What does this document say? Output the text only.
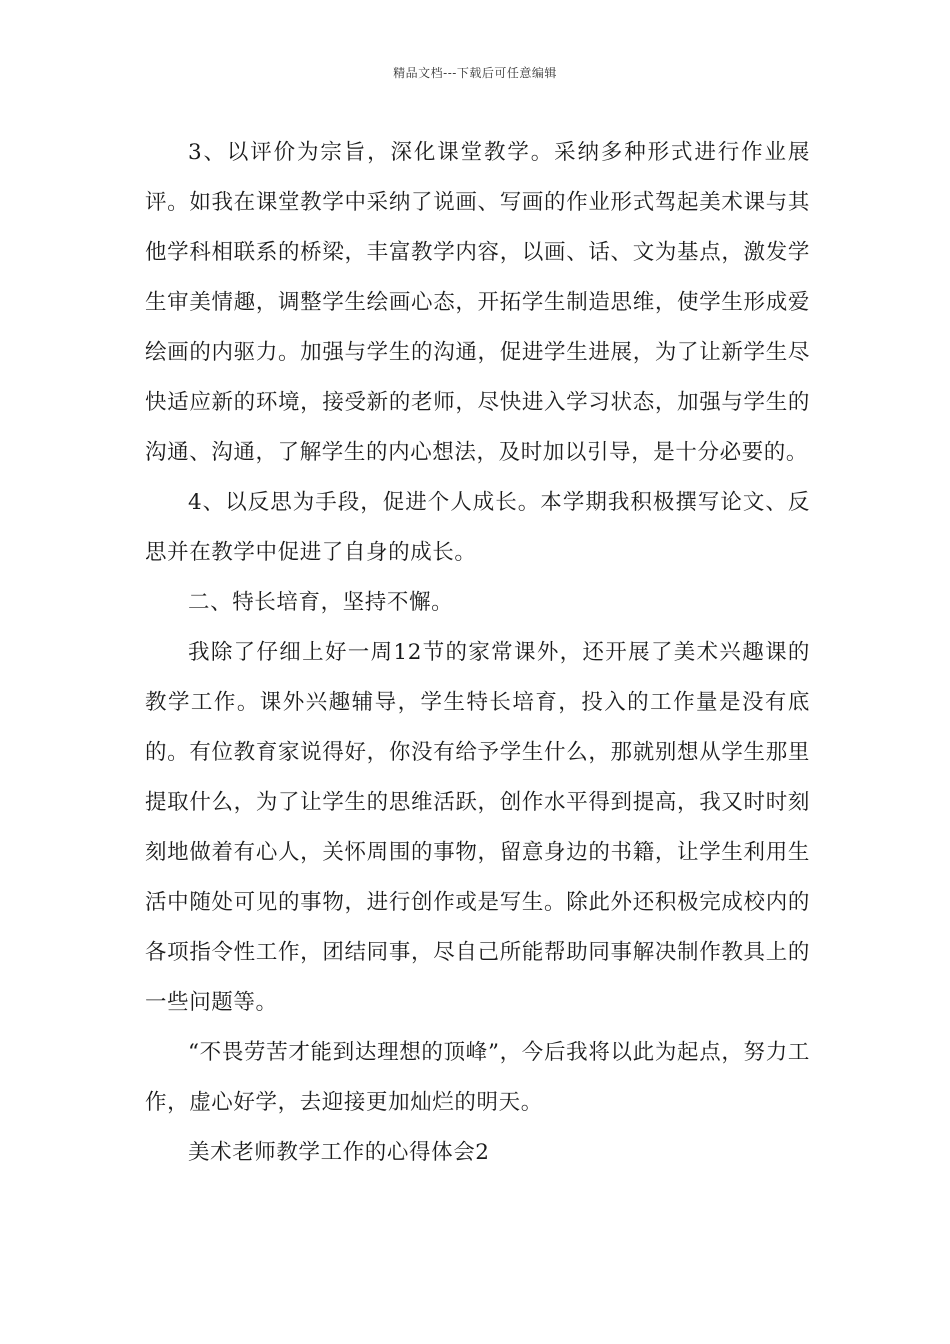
精品文档---下载后可任意编辑

3、以评价为宗旨，深化课堂教学。采纳多种形式进行作业展评。如我在课堂教学中采纳了说画、写画的作业形式驾起美术课与其他学科相联系的桥梁，丰富教学内容，以画、话、文为基点，激发学生审美情趣，调整学生绘画心态，开拓学生制造思维，使学生形成爱绘画的内驱力。加强与学生的沟通，促进学生进展，为了让新学生尽快适应新的环境，接受新的老师，尽快进入学习状态，加强与学生的沟通、沟通，了解学生的内心想法，及时加以引导，是十分必要的。

4、以反思为手段，促进个人成长。本学期我积极撰写论文、反思并在教学中促进了自身的成长。

二、特长培育，坚持不懈。

我除了仔细上好一周12节的家常课外，还开展了美术兴趣课的教学工作。课外兴趣辅导，学生特长培育，投入的工作量是没有底的。有位教育家说得好，你没有给予学生什么，那就别想从学生那里提取什么，为了让学生的思维活跃，创作水平得到提高，我又时时刻刻地做着有心人，关怀周围的事物，留意身边的书籍，让学生利用生活中随处可见的事物，进行创作或是写生。除此外还积极完成校内的各项指令性工作，团结同事，尽自己所能帮助同事解决制作教具上的一些问题等。

“不畏劳苦才能到达理想的顶峰”，今后我将以此为起点，努力工作，虚心好学，去迎接更加灿烂的明天。

美术老师教学工作的心得体会2
